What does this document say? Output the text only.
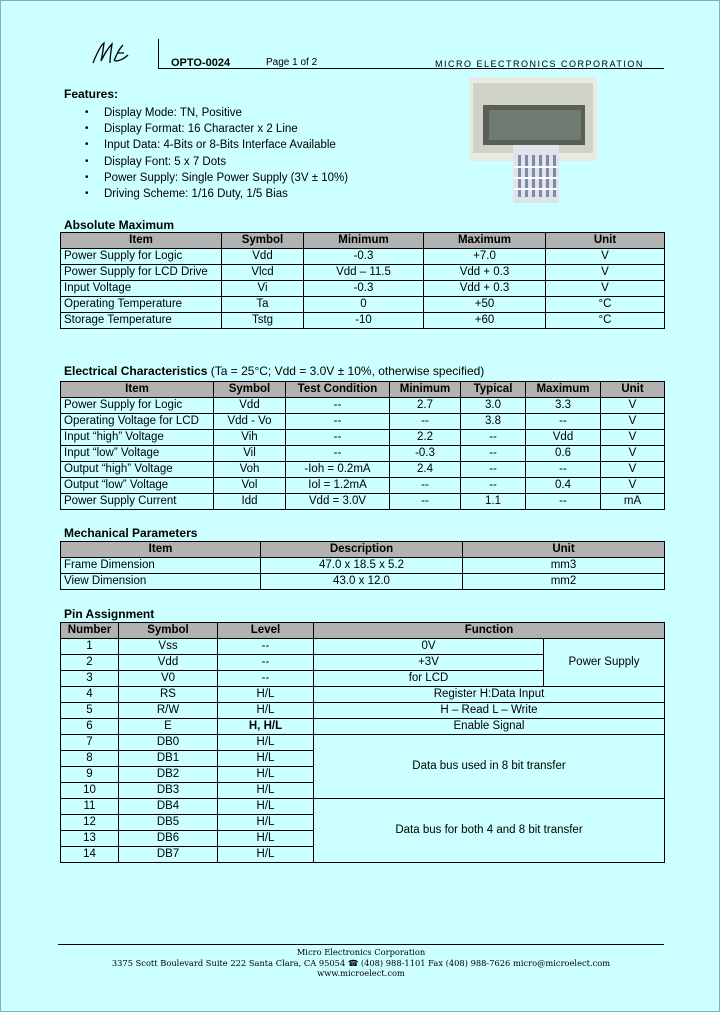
OPTO-0024	Page 1 of 2	MICRO ELECTRONICS CORPORATION
Features:
• Display Mode: TN, Positive
• Display Format: 16 Character x 2 Line
• Input Data: 4-Bits or 8-Bits Interface Available
• Display Font: 5 x 7 Dots
• Power Supply: Single Power Supply (3V ± 10%)
• Driving Scheme: 1/16 Duty, 1/5 Bias
Absolute Maximum
Item	Symbol	Minimum	Maximum	Unit
Power Supply for Logic	Vdd	-0.3	+7.0	V
Power Supply for LCD Drive	Vlcd	Vdd – 11.5	Vdd + 0.3	V
Input Voltage	Vi	-0.3	Vdd + 0.3	V
Operating Temperature	Ta	0	+50	°C
Storage Temperature	Tstg	-10	+60	°C
Electrical Characteristics (Ta = 25°C; Vdd = 3.0V ± 10%, otherwise specified)
Item	Symbol	Test Condition	Minimum	Typical	Maximum	Unit
Power Supply for Logic	Vdd	--	2.7	3.0	3.3	V
Operating Voltage for LCD	Vdd - Vo	--	--	3.8	--	V
Input “high” Voltage	Vih	--	2.2	--	Vdd	V
Input “low” Voltage	Vil	--	-0.3	--	0.6	V
Output “high” Voltage	Voh	-Ioh = 0.2mA	2.4	--	--	V
Output “low” Voltage	Vol	Iol = 1.2mA	--	--	0.4	V
Power Supply Current	Idd	Vdd = 3.0V	--	1.1	--	mA
Mechanical Parameters
Item	Description	Unit
Frame Dimension	47.0 x 18.5 x 5.2	mm3
View Dimension	43.0 x 12.0	mm2
Pin Assignment
Number	Symbol	Level	Function	
1	Vss	--	0V	Power Supply
2	Vdd	--	+3V	
3	V0	--	for LCD	
4	RS	H/L	Register H:Data Input	
5	R/W	H/L	H – Read L – Write	
6	E	H, H/L	Enable Signal	
7	DB0	H/L	Data bus used in 8 bit transfer	
8	DB1	H/L		
9	DB2	H/L		
10	DB3	H/L		
11	DB4	H/L	Data bus for both 4 and 8 bit transfer	
12	DB5	H/L		
13	DB6	H/L		
14	DB7	H/L		
Micro Electronics Corporation
3375 Scott Boulevard Suite 222 Santa Clara, CA 95054 ☎ (408) 988-1101 Fax (408) 988-7626 micro@microelect.com
www.microelect.com
